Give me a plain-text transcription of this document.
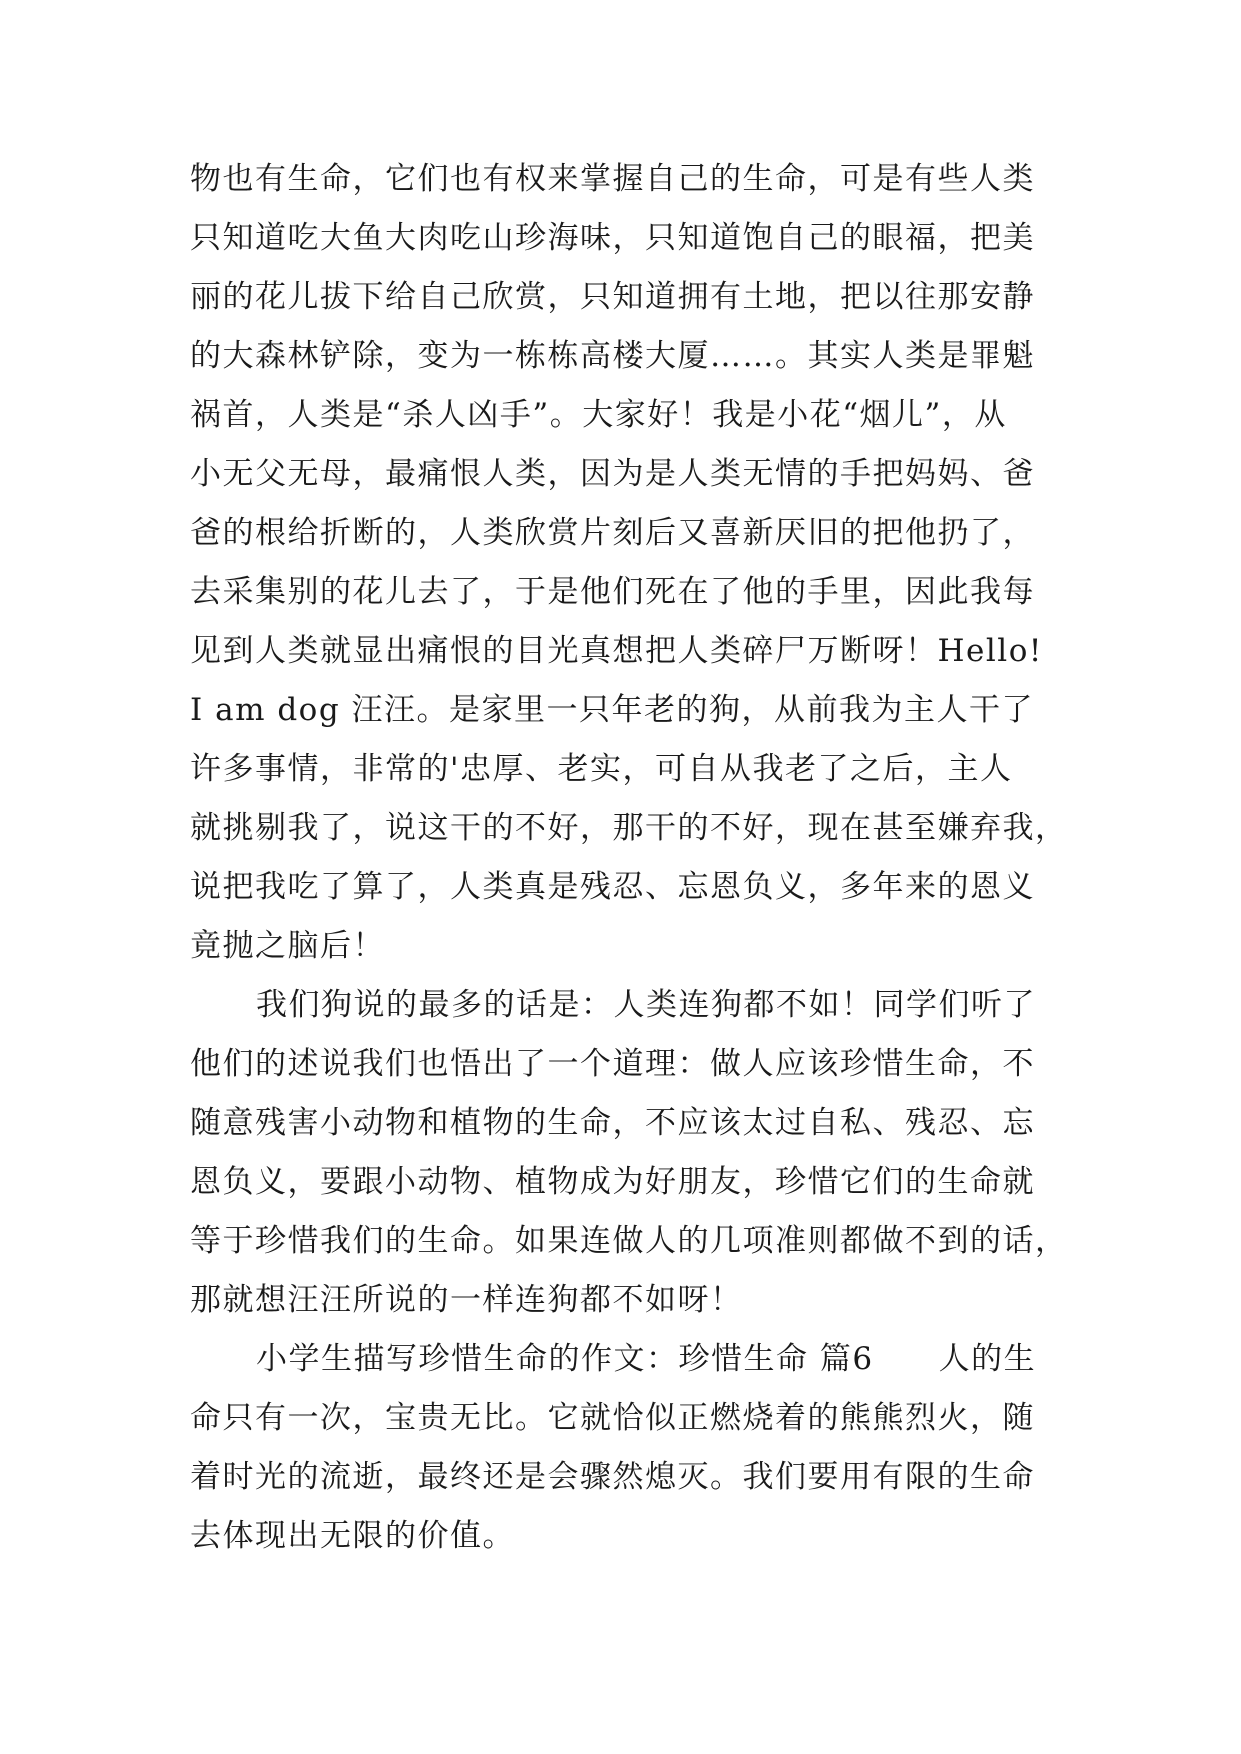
物也有生命，它们也有权来掌握自己的生命，可是有些人类
只知道吃大鱼大肉吃山珍海味，只知道饱自己的眼福，把美
丽的花儿拔下给自己欣赏，只知道拥有土地，把以往那安静
的大森林铲除，变为一栋栋高楼大厦……。其实人类是罪魁
祸首，人类是“杀人凶手”。大家好！我是小花“烟儿”，从
小无父无母，最痛恨人类，因为是人类无情的手把妈妈、爸
爸的根给折断的，人类欣赏片刻后又喜新厌旧的把他扔了，
去采集别的花儿去了，于是他们死在了他的手里，因此我每
见到人类就显出痛恨的目光真想把人类碎尸万断呀！Hello!
I am dog 汪汪。是家里一只年老的狗，从前我为主人干了
许多事情，非常的'忠厚、老实，可自从我老了之后，主人
就挑剔我了，说这干的不好，那干的不好，现在甚至嫌弃我，
说把我吃了算了，人类真是残忍、忘恩负义，多年来的恩义
竟抛之脑后！
我们狗说的最多的话是：人类连狗都不如！同学们听了
他们的述说我们也悟出了一个道理：做人应该珍惜生命，不
随意残害小动物和植物的生命，不应该太过自私、残忍、忘
恩负义，要跟小动物、植物成为好朋友，珍惜它们的生命就
等于珍惜我们的生命。如果连做人的几项准则都做不到的话，
那就想汪汪所说的一样连狗都不如呀！
小学生描写珍惜生命的作文：珍惜生命 篇6　　人的生
命只有一次，宝贵无比。它就恰似正燃烧着的熊熊烈火，随
着时光的流逝，最终还是会骤然熄灭。我们要用有限的生命
去体现出无限的价值。
